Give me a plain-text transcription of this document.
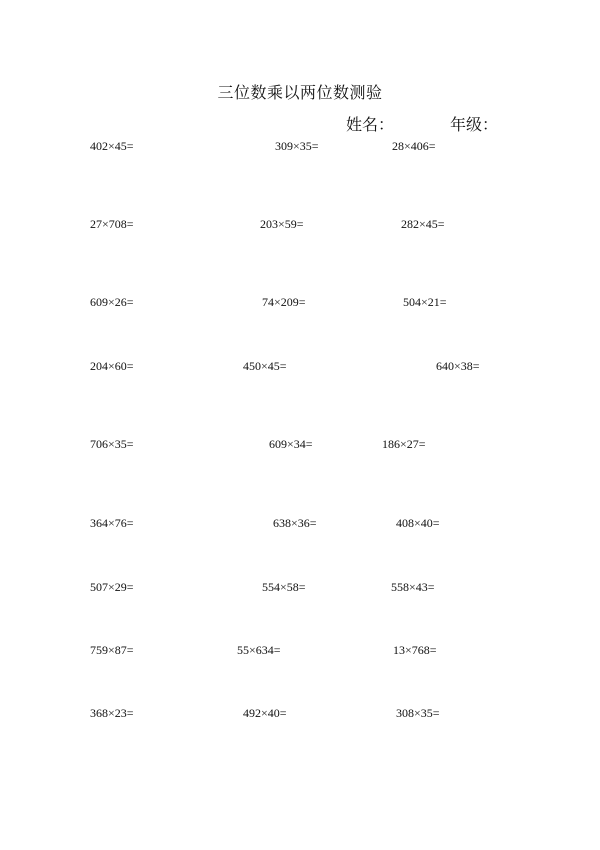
三位数乘以两位数测验
姓名：	年级：
402×45=	309×35=	28×406=
27×708=	203×59=	282×45=
609×26=	74×209=	504×21=
204×60=	450×45=	640×38=
706×35=	609×34=	186×27=
364×76=	638×36=	408×40=
507×29=	554×58=	558×43=
759×87=	55×634=	13×768=
368×23=	492×40=	308×35=
